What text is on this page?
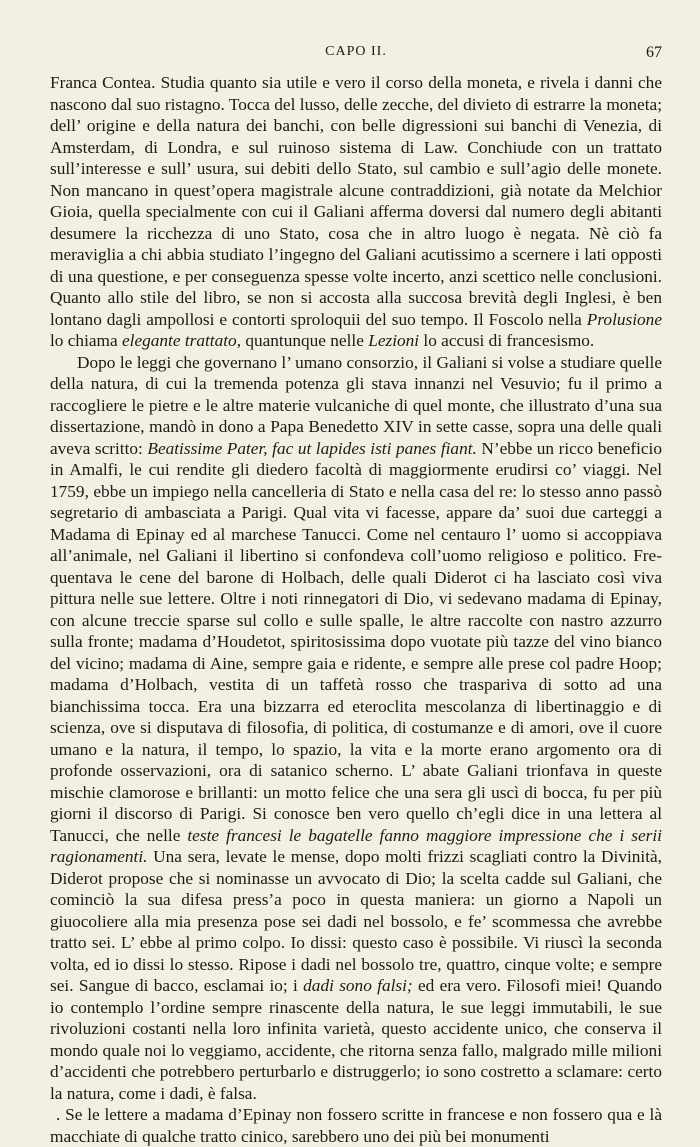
CAPO II.	67

Franca Contea. Studia quanto sia utile e vero il corso della moneta, e rivela i danni che nascono dal suo ristagno. Tocca del lusso, delle zecche, del divieto di estrarre la moneta; dell’ origine e della natura dei banchi, con belle digressioni sui banchi di Venezia, di Amsterdam, di Londra, e sul ruinoso sistema di Law. Conchiude con un trattato sull’interesse e sull’ usura, sui debiti dello Stato, sul cambio e sull’agio delle monete. Non mancano in quest’opera magistrale alcune contraddizioni, già notate da Melchior Gioia, quella specialmente con cui il Galiani afferma doversi dal numero degli abitanti desumere la ricchezza di uno Stato, cosa che in altro luogo è negata. Nè ciò fa meraviglia a chi abbia studiato l’ingegno del Galiani acutissimo a scernere i lati opposti di una questione, e per conseguenza spesse volte incerto, anzi scettico nelle conclusioni. Quanto allo stile del libro, se non si accosta alla succosa brevità degli Inglesi, è ben lontano dagli ampollosi e contorti sproloquii del suo tempo. Il Foscolo nella Prolusione lo chiama elegante trattato, quantunque nelle Lezioni lo accusi di francesismo.

Dopo le leggi che governano l’ umano consorzio, il Galiani si volse a studiare quelle della natura, di cui la tremenda potenza gli stava innanzi nel Vesuvio; fu il primo a raccogliere le pietre e le altre materie vulcaniche di quel monte, che illustrato d’una sua dissertazione, mandò in dono a Papa Benedetto XIV in sette casse, sopra una delle quali aveva scritto: Beatissime Pater, fac ut lapides isti panes fiant. N’ebbe un ricco beneficio in Amalfi, le cui rendite gli diedero facoltà di maggiormente erudirsi co’ viaggi. Nel 1759, ebbe un impiego nella cancelleria di Stato e nella casa del re: lo stesso anno passò segretario di ambasciata a Parigi. Qual vita vi facesse, appare da’ suoi due carteggi a Madama di Epinay ed al marchese Tanucci. Come nel centauro l’ uomo si accoppiava all’animale, nel Galiani il libertino si confondeva coll’uomo religioso e politico. Frequentava le cene del barone di Holbach, delle quali Diderot ci ha lasciato così viva pittura nelle sue lettere. Oltre i noti rinnegatori di Dio, vi sedevano madama di Epinay, con alcune treccie sparse sul collo e sulle spalle, le altre raccolte con nastro azzurro sulla fronte; madama d’Houdetot, spiritosissima dopo vuotate più tazze del vino bianco del vicino; madama di Aine, sempre gaia e ridente, e sempre alle prese col padre Hoop; madama d’Holbach, vestita di un taffetà rosso che traspariva di sotto ad una bianchissima tocca. Era una bizzarra ed eteroclita mescolanza di libertinaggio e di scienza, ove si disputava di filosofia, di politica, di costumanze e di amori, ove il cuore umano e la natura, il tempo, lo spazio, la vita e la morte erano argomento ora di profonde osservazioni, ora di satanico scherno. L’ abate Galiani trionfava in queste mischie clamorose e brillanti: un motto felice che una sera gli uscì di bocca, fu per più giorni il discorso di Parigi. Si conosce ben vero quello ch’egli dice in una lettera al Tanucci, che nelle teste francesi le bagatelle fanno maggiore impressione che i serii ragionamenti. Una sera, levate le mense, dopo molti frizzi scagliati contro la Divinità, Diderot propose che si nominasse un avvocato di Dio; la scelta cadde sul Galiani, che cominciò la sua difesa press’a poco in questa maniera: un giorno a Napoli un giuocoliere alla mia presenza pose sei dadi nel bossolo, e fe’ scommessa che avrebbe tratto sei. L’ ebbe al primo colpo. Io dissi: questo caso è possibile. Vi riuscì la seconda volta, ed io dissi lo stesso. Ripose i dadi nel bossolo tre, quattro, cinque volte; e sempre sei. Sangue di bacco, esclamai io; i dadi sono falsi; ed era vero. Filosofi miei! Quando io contemplo l’ordine sempre rinascente della natura, le sue leggi immutabili, le sue rivoluzioni costanti nella loro infinita varietà, questo accidente unico, che conserva il mondo quale noi lo veggiamo, accidente, che ritorna senza fallo, malgrado mille milioni d’accidenti che potrebbero perturbarlo e distruggerlo; io sono costretto a sclamare: certo la natura, come i dadi, è falsa.

. Se le lettere a madama d’Epinay non fossero scritte in francese e non fossero qua e là macchiate di qualche tratto cinico, sarebbero uno dei più bei monumenti
